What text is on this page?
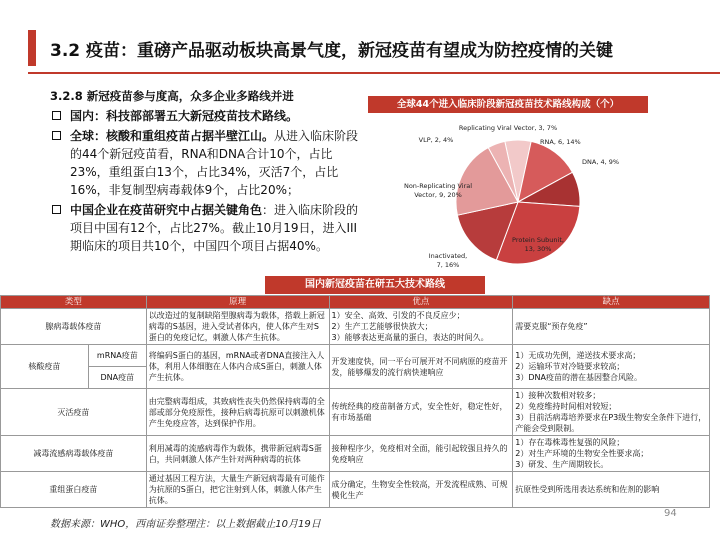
3.2 疫苗：重磅产品驱动板块高景气度，新冠疫苗有望成为防控疫情的关键
3.2.8 新冠疫苗参与度高，众多企业多路线并进
国内：科技部部署五大新冠疫苗技术路线。
全球：核酸和重组疫苗占据半壁江山。从进入临床阶段的44个新冠疫苗看，RNA和DNA合计10个，占比23%，重组蛋白13个，占比34%，灭活7个，占比16%，非复制型病毒载体9个，占比20%；
中国企业在疫苗研究中占据关键角色：进入临床阶段的项目中国有12个，占比27%。截止10月19日，进入III期临床的项目共10个，中国四个项目占据40%。
全球44个进入临床阶段新冠疫苗技术路线构成（个）
Replicating Viral Vector, 3, 7%
RNA, 6, 14%
DNA, 4, 9%
Protein Subunit, 13, 30%
Inactivated, 7, 16%
Non-Replicating Viral Vector, 9, 20%
VLP, 2, 4%
国内新冠疫苗在研五大技术路线
类型		原理	优点	缺点
腺病毒载体疫苗		以改造过的复制缺陷型腺病毒为载体，搭载上新冠病毒的S基因，进入受试者体内，使人体产生对S蛋白的免疫记忆，刺激人体产生抗体。	1）安全、高效、引发的不良反应少；
2）生产工艺能够很快放大；
3）能够表达更高量的蛋白，表达的时间久。	需要克服“预存免疫”
核酸疫苗	mRNA疫苗	将编码S蛋白的基因，mRNA或者DNA直接注入人体，利用人体细胞在人体内合成S蛋白，刺激人体产生抗体。	开发速度快，同一平台可展开对不同病原的疫苗开发，能够爆发的流行病快速响应	1）无成功先例，递送技术要求高；
2）运输环节对冷链要求较高；
3）DNA疫苗的潜在基因整合风险。
	DNA疫苗			
灭活疫苗		由完整病毒组成，其致病性丧失仍然保持病毒的全部或部分免疫原性，接种后病毒抗原可以刺激机体产生免疫应答，达到保护作用。	传统经典的疫苗制备方式，安全性好，稳定性好，有市场基础	1）接种次数相对较多；
2）免疫维持时间相对较短；
3）目前活病毒培养要求在P3级生物安全条件下进行，产能会受到限制。
减毒流感病毒载体疫苗		利用减毒的流感病毒作为载体，携带新冠病毒S蛋白，共同刺激人体产生针对两种病毒的抗体	接种程序少，免疫相对全面，能引起较强且持久的免疫响应	1）存在毒株毒性复强的风险；
2）对生产环境的生物安全性要求高；
3）研发、生产周期较长。
重组蛋白疫苗		通过基因工程方法，大量生产新冠病毒最有可能作为抗原的S蛋白，把它注射到人体，刺激人体产生抗体。	成分确定，生物安全性较高，开发流程成熟、可规模化生产	抗原性受到所选用表达系统和佐剂的影响
数据来源：WHO，西南证券整理注：以上数据截止10月19日
94
